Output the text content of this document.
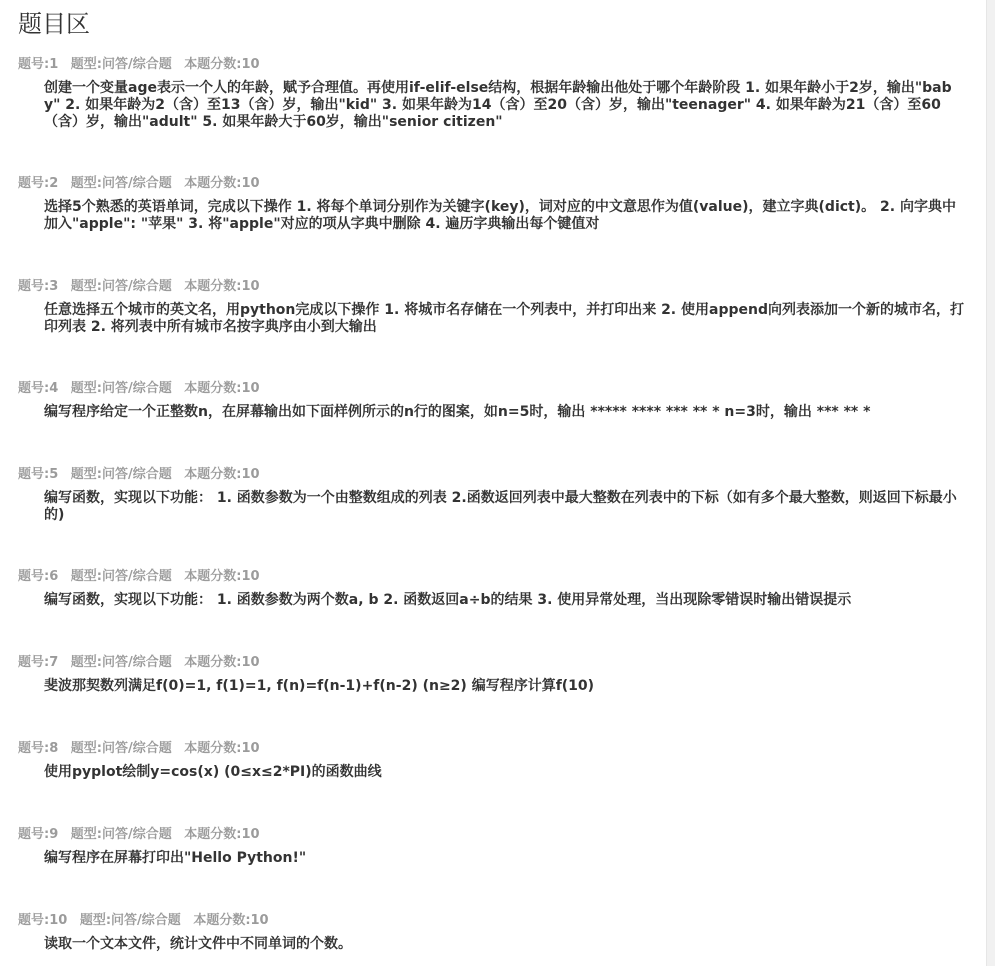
题目区
题号:1 题型:问答/综合题 本题分数:10
创建一个变量age表示一个人的年龄，赋予合理值。再使用if-elif-else结构，根据年龄输出他处于哪个年龄阶段 1. 如果年龄小于2岁，输出"baby" 2. 如果年龄为2（含）至13（含）岁，输出"kid" 3. 如果年龄为14（含）至20（含）岁，输出"teenager" 4. 如果年龄为21（含）至60（含）岁，输出"adult" 5. 如果年龄大于60岁，输出"senior citizen"
题号:2 题型:问答/综合题 本题分数:10
选择5个熟悉的英语单词，完成以下操作 1. 将每个单词分别作为关键字(key)，词对应的中文意思作为值(value)，建立字典(dict)。 2. 向字典中加入"apple": "苹果" 3. 将"apple"对应的项从字典中删除 4. 遍历字典输出每个键值对
题号:3 题型:问答/综合题 本题分数:10
任意选择五个城市的英文名，用python完成以下操作 1. 将城市名存储在一个列表中，并打印出来 2. 使用append向列表添加一个新的城市名，打印列表 2. 将列表中所有城市名按字典序由小到大输出
题号:4 题型:问答/综合题 本题分数:10
编写程序给定一个正整数n，在屏幕输出如下面样例所示的n行的图案，如n=5时，输出 ***** **** *** ** * n=3时，输出 *** ** *
题号:5 题型:问答/综合题 本题分数:10
编写函数，实现以下功能： 1. 函数参数为一个由整数组成的列表 2.函数返回列表中最大整数在列表中的下标（如有多个最大整数，则返回下标最小的)
题号:6 题型:问答/综合题 本题分数:10
编写函数，实现以下功能： 1. 函数参数为两个数a, b 2. 函数返回a÷b的结果 3. 使用异常处理，当出现除零错误时输出错误提示
题号:7 题型:问答/综合题 本题分数:10
斐波那契数列满足f(0)=1, f(1)=1, f(n)=f(n-1)+f(n-2) (n≥2) 编写程序计算f(10)
题号:8 题型:问答/综合题 本题分数:10
使用pyplot绘制y=cos(x) (0≤x≤2*PI)的函数曲线
题号:9 题型:问答/综合题 本题分数:10
编写程序在屏幕打印出"Hello Python!"
题号:10 题型:问答/综合题 本题分数:10
读取一个文本文件，统计文件中不同单词的个数。
